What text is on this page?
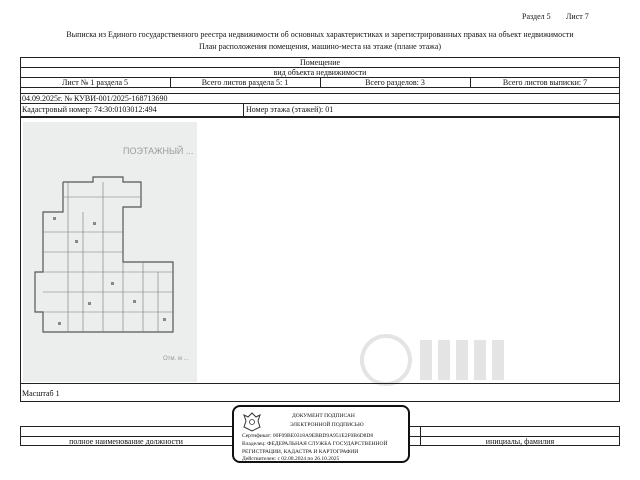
Раздел 5 Лист 7
Выписка из Единого государственного реестра недвижимости об основных характеристиках и зарегистрированных правах на объект недвижимости
План расположения помещения, машино-места на этаже (плане этажа)
Помещение
вид объекта недвижимости
Лист № 1 раздела 5	Всего листов раздела 5: 1	Всего разделов: 3	Всего листов выписки: 7
04.09.2025г. № КУВИ-001/2025-168713690
Кадастровый номер: 74:30:0103012:494	Номер этажа (этажей): 01
ПОЭТАЖНЫЙ ...
Отм. м ...
Масштаб 1
полное наименование должности	инициалы, фамилия
ДОКУМЕНТ ПОДПИСАН
ЭЛЕКТРОННОЙ ПОДПИСЬЮ
Сертификат: 00F09BE0318A9EBBD9A951E2F0B6D8D8
Владелец: ФЕДЕРАЛЬНАЯ СЛУЖБА ГОСУДАРСТВЕННОЙ
РЕГИСТРАЦИИ, КАДАСТРА И КАРТОГРАФИИ
Действителен: с 02.08.2024 по 26.10.2025
